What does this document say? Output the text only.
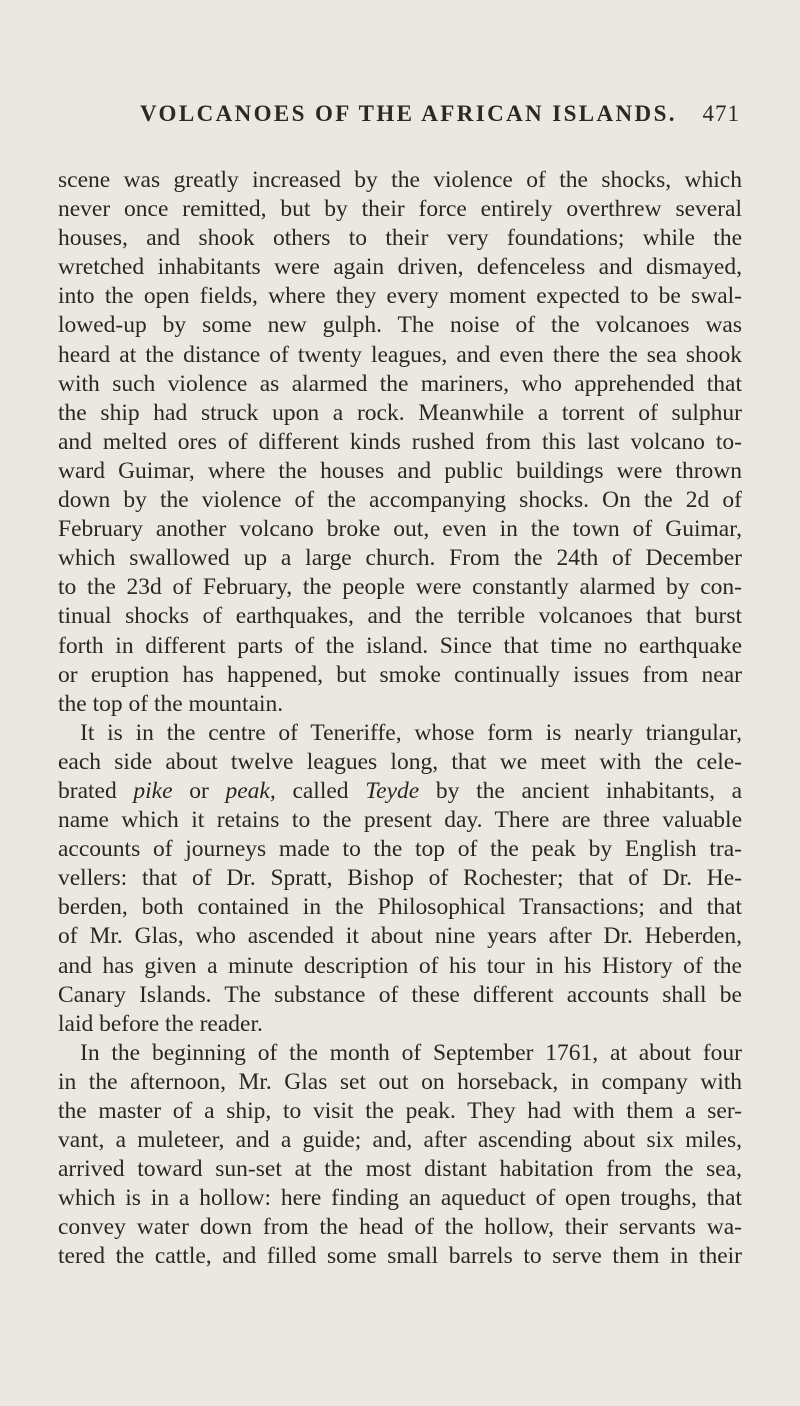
VOLCANOES OF THE AFRICAN ISLANDS. 471
scene was greatly increased by the violence of the shocks, which
never once remitted, but by their force entirely overthrew several
houses, and shook others to their very foundations; while the
wretched inhabitants were again driven, defenceless and dismayed,
into the open fields, where they every moment expected to be swal-
lowed-up by some new gulph. The noise of the volcanoes was
heard at the distance of twenty leagues, and even there the sea shook
with such violence as alarmed the mariners, who apprehended that
the ship had struck upon a rock. Meanwhile a torrent of sulphur
and melted ores of different kinds rushed from this last volcano to-
ward Guimar, where the houses and public buildings were thrown
down by the violence of the accompanying shocks. On the 2d of
February another volcano broke out, even in the town of Guimar,
which swallowed up a large church. From the 24th of December
to the 23d of February, the people were constantly alarmed by con-
tinual shocks of earthquakes, and the terrible volcanoes that burst
forth in different parts of the island. Since that time no earthquake
or eruption has happened, but smoke continually issues from near
the top of the mountain.
It is in the centre of Teneriffe, whose form is nearly triangular,
each side about twelve leagues long, that we meet with the cele-
brated pike or peak, called Teyde by the ancient inhabitants, a
name which it retains to the present day. There are three valuable
accounts of journeys made to the top of the peak by English tra-
vellers: that of Dr. Spratt, Bishop of Rochester; that of Dr. He-
berden, both contained in the Philosophical Transactions; and that
of Mr. Glas, who ascended it about nine years after Dr. Heberden,
and has given a minute description of his tour in his History of the
Canary Islands. The substance of these different accounts shall be
laid before the reader.
In the beginning of the month of September 1761, at about four
in the afternoon, Mr. Glas set out on horseback, in company with
the master of a ship, to visit the peak. They had with them a ser-
vant, a muleteer, and a guide; and, after ascending about six miles,
arrived toward sun-set at the most distant habitation from the sea,
which is in a hollow: here finding an aqueduct of open troughs, that
convey water down from the head of the hollow, their servants wa-
tered the cattle, and filled some small barrels to serve them in their
